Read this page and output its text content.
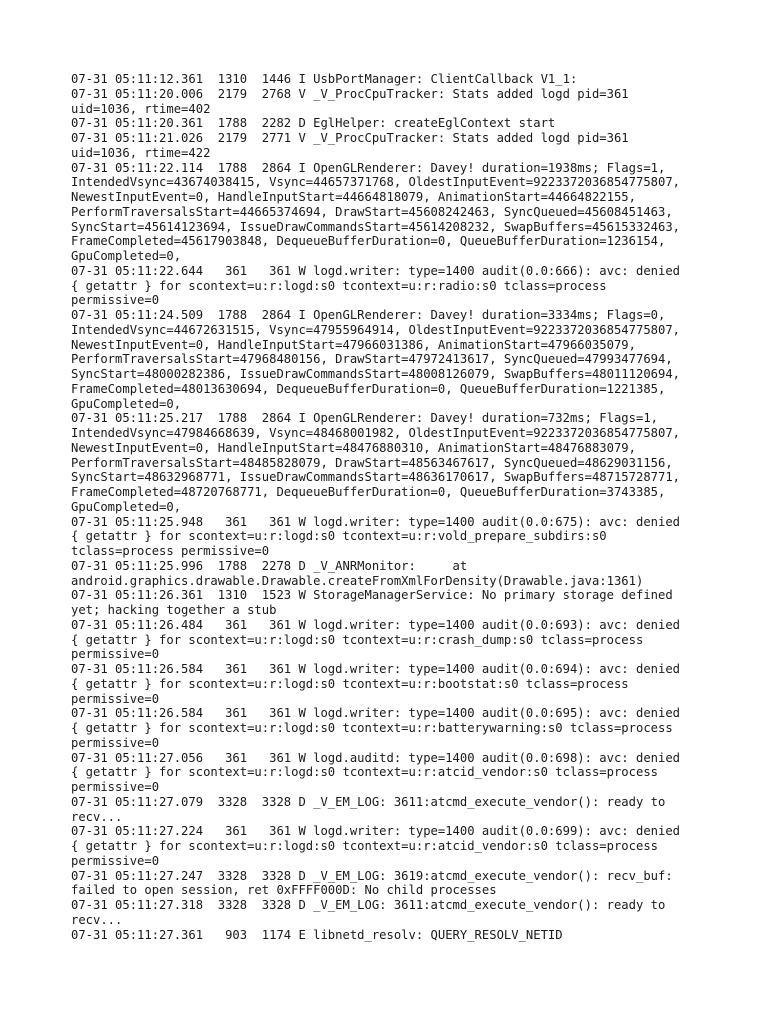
07-31 05:11:12.361  1310  1446 I UsbPortManager: ClientCallback V1_1:
07-31 05:11:20.006  2179  2768 V _V_ProcCpuTracker: Stats added logd pid=361
uid=1036, rtime=402
07-31 05:11:20.361  1788  2282 D EglHelper: createEglContext start
07-31 05:11:21.026  2179  2771 V _V_ProcCpuTracker: Stats added logd pid=361
uid=1036, rtime=422
07-31 05:11:22.114  1788  2864 I OpenGLRenderer: Davey! duration=1938ms; Flags=1,
IntendedVsync=43674038415, Vsync=44657371768, OldestInputEvent=9223372036854775807,
NewestInputEvent=0, HandleInputStart=44664818079, AnimationStart=44664822155,
PerformTraversalsStart=44665374694, DrawStart=45608242463, SyncQueued=45608451463,
SyncStart=45614123694, IssueDrawCommandsStart=45614208232, SwapBuffers=45615332463,
FrameCompleted=45617903848, DequeueBufferDuration=0, QueueBufferDuration=1236154,
GpuCompleted=0,
07-31 05:11:22.644   361   361 W logd.writer: type=1400 audit(0.0:666): avc: denied
{ getattr } for scontext=u:r:logd:s0 tcontext=u:r:radio:s0 tclass=process
permissive=0
07-31 05:11:24.509  1788  2864 I OpenGLRenderer: Davey! duration=3334ms; Flags=0,
IntendedVsync=44672631515, Vsync=47955964914, OldestInputEvent=9223372036854775807,
NewestInputEvent=0, HandleInputStart=47966031386, AnimationStart=47966035079,
PerformTraversalsStart=47968480156, DrawStart=47972413617, SyncQueued=47993477694,
SyncStart=48000282386, IssueDrawCommandsStart=48008126079, SwapBuffers=48011120694,
FrameCompleted=48013630694, DequeueBufferDuration=0, QueueBufferDuration=1221385,
GpuCompleted=0,
07-31 05:11:25.217  1788  2864 I OpenGLRenderer: Davey! duration=732ms; Flags=1,
IntendedVsync=47984668639, Vsync=48468001982, OldestInputEvent=9223372036854775807,
NewestInputEvent=0, HandleInputStart=48476880310, AnimationStart=48476883079,
PerformTraversalsStart=48485828079, DrawStart=48563467617, SyncQueued=48629031156,
SyncStart=48632968771, IssueDrawCommandsStart=48636170617, SwapBuffers=48715728771,
FrameCompleted=48720768771, DequeueBufferDuration=0, QueueBufferDuration=3743385,
GpuCompleted=0,
07-31 05:11:25.948   361   361 W logd.writer: type=1400 audit(0.0:675): avc: denied
{ getattr } for scontext=u:r:logd:s0 tcontext=u:r:vold_prepare_subdirs:s0
tclass=process permissive=0
07-31 05:11:25.996  1788  2278 D _V_ANRMonitor:     at
android.graphics.drawable.Drawable.createFromXmlForDensity(Drawable.java:1361)
07-31 05:11:26.361  1310  1523 W StorageManagerService: No primary storage defined
yet; hacking together a stub
07-31 05:11:26.484   361   361 W logd.writer: type=1400 audit(0.0:693): avc: denied
{ getattr } for scontext=u:r:logd:s0 tcontext=u:r:crash_dump:s0 tclass=process
permissive=0
07-31 05:11:26.584   361   361 W logd.writer: type=1400 audit(0.0:694): avc: denied
{ getattr } for scontext=u:r:logd:s0 tcontext=u:r:bootstat:s0 tclass=process
permissive=0
07-31 05:11:26.584   361   361 W logd.writer: type=1400 audit(0.0:695): avc: denied
{ getattr } for scontext=u:r:logd:s0 tcontext=u:r:batterywarning:s0 tclass=process
permissive=0
07-31 05:11:27.056   361   361 W logd.auditd: type=1400 audit(0.0:698): avc: denied
{ getattr } for scontext=u:r:logd:s0 tcontext=u:r:atcid_vendor:s0 tclass=process
permissive=0
07-31 05:11:27.079  3328  3328 D _V_EM_LOG: 3611:atcmd_execute_vendor(): ready to
recv...
07-31 05:11:27.224   361   361 W logd.writer: type=1400 audit(0.0:699): avc: denied
{ getattr } for scontext=u:r:logd:s0 tcontext=u:r:atcid_vendor:s0 tclass=process
permissive=0
07-31 05:11:27.247  3328  3328 D _V_EM_LOG: 3619:atcmd_execute_vendor(): recv_buf:
failed to open session, ret 0xFFFF000D: No child processes
07-31 05:11:27.318  3328  3328 D _V_EM_LOG: 3611:atcmd_execute_vendor(): ready to
recv...
07-31 05:11:27.361   903  1174 E libnetd_resolv: QUERY_RESOLV_NETID
